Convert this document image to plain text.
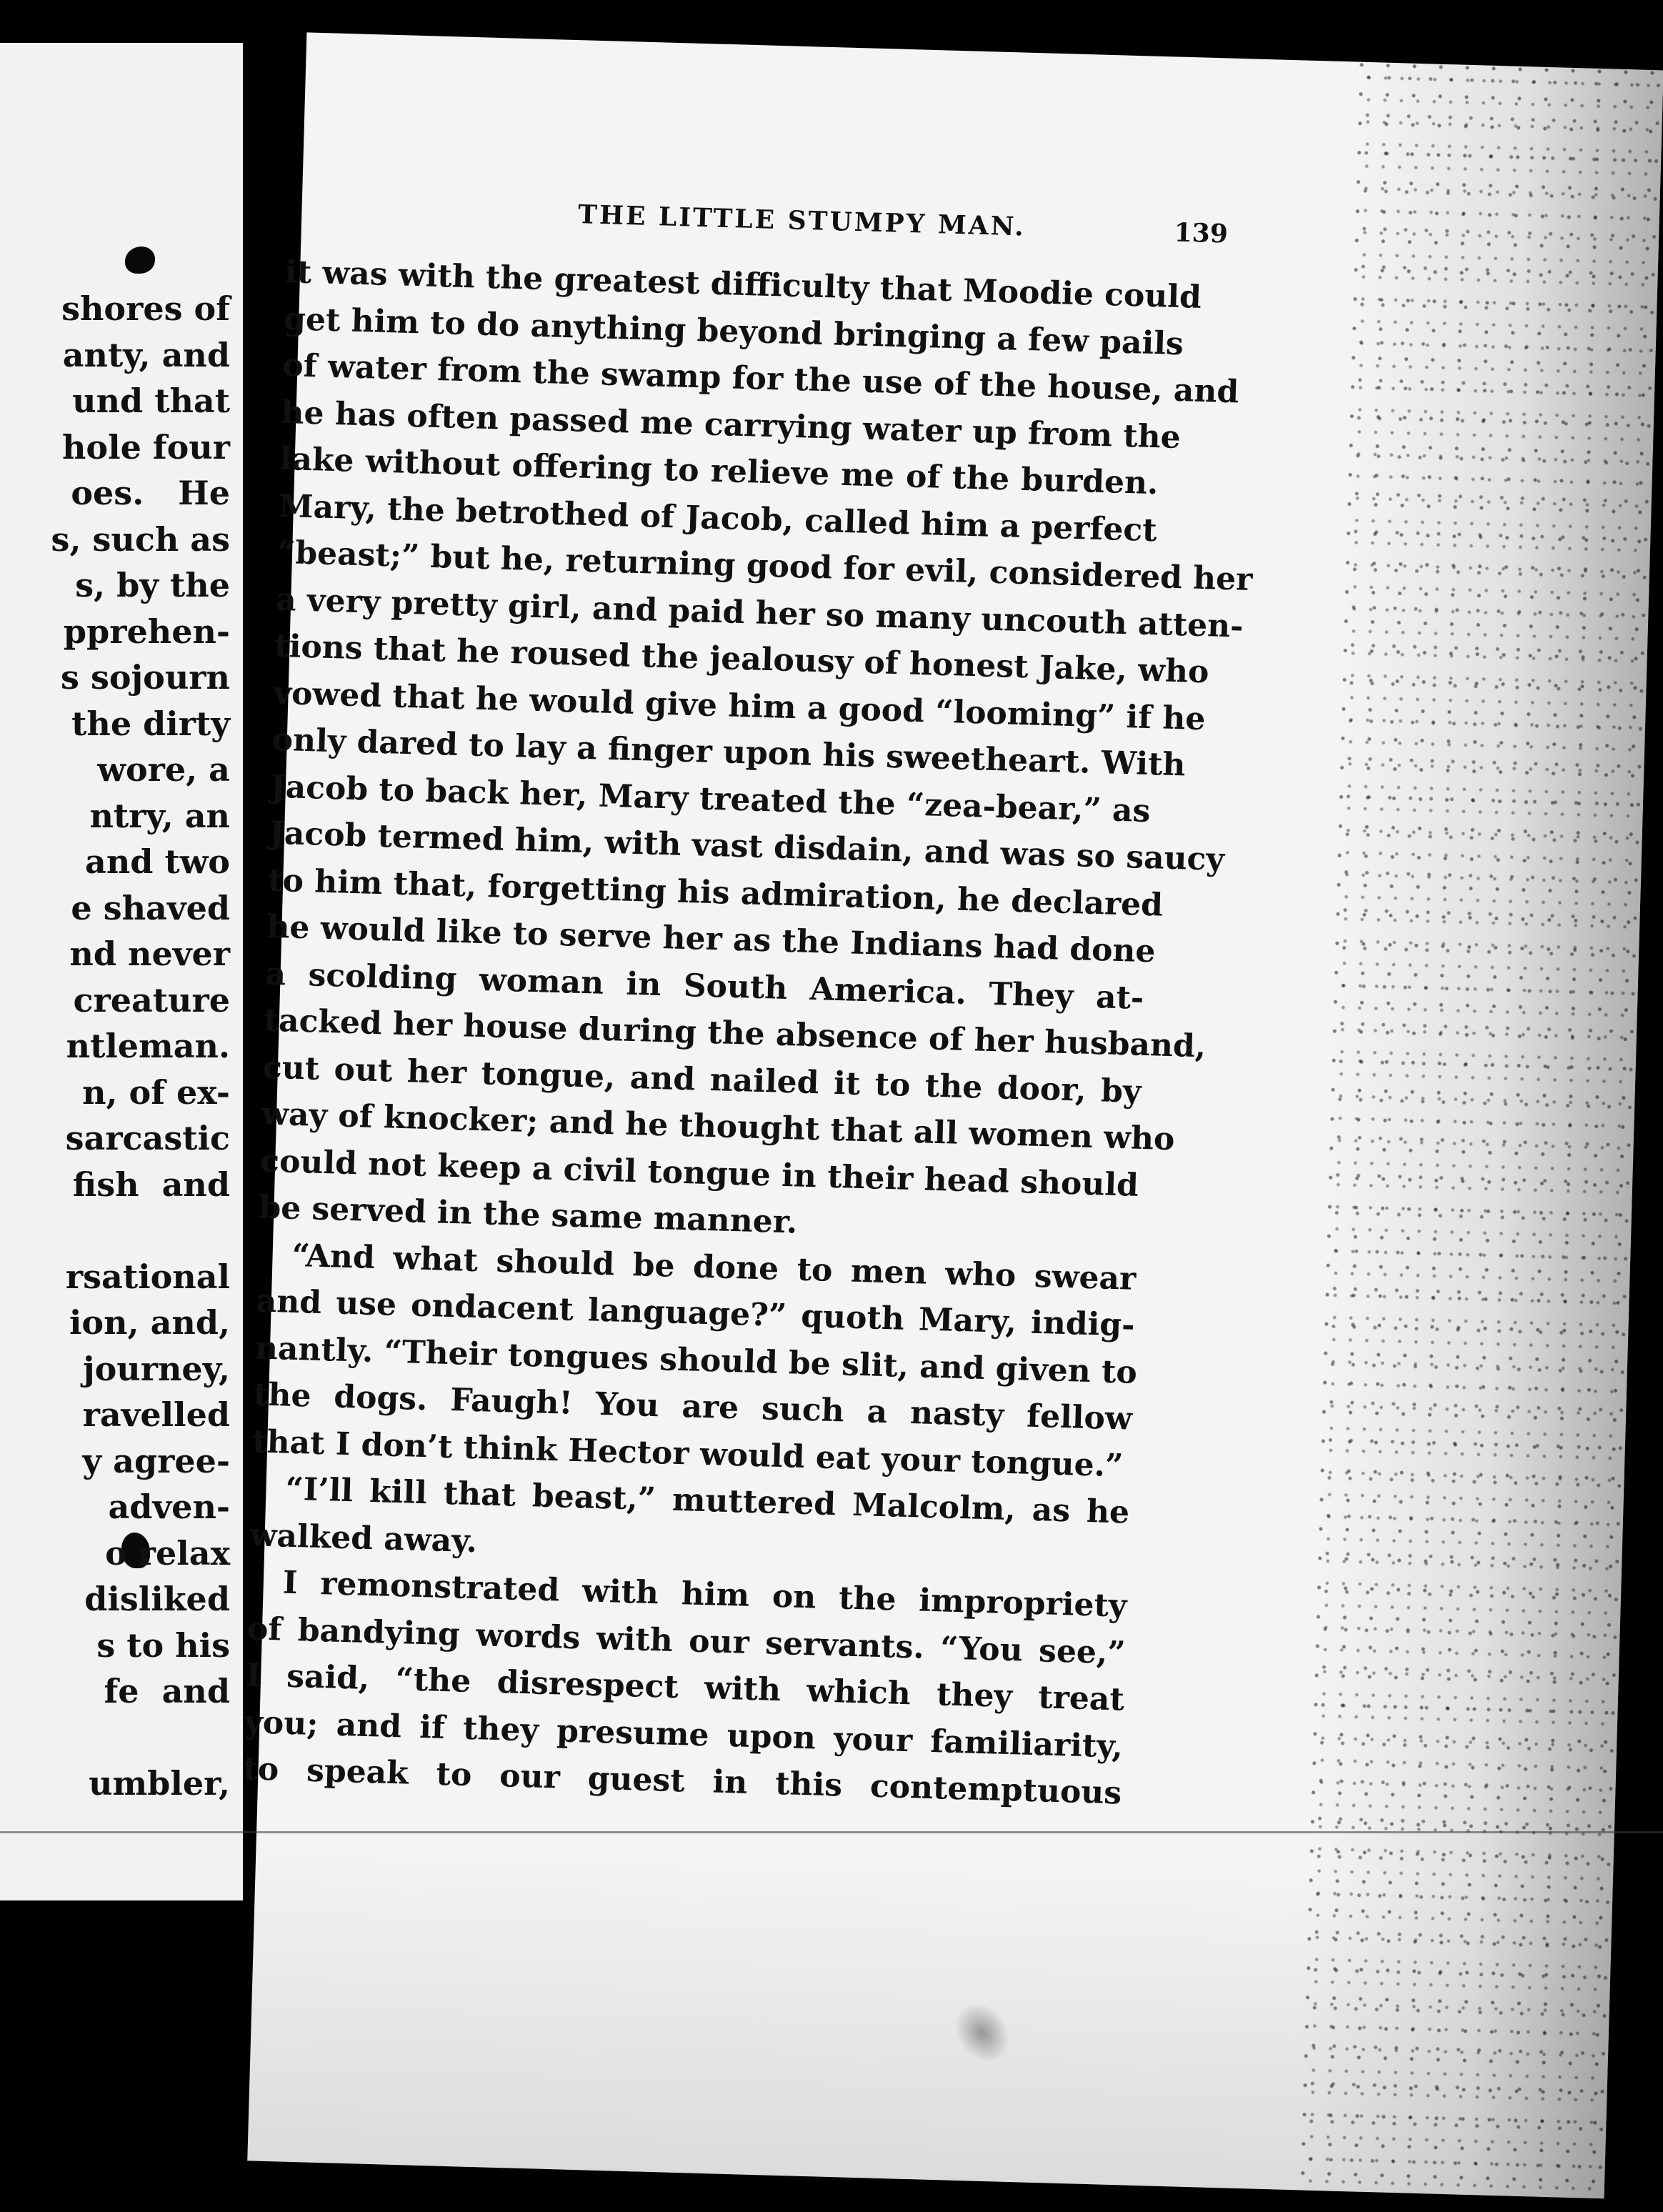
shores of
anty, and
und that
hole four
oes.   He
s, such as
s, by the
pprehen-
s sojourn
the dirty
wore, a
ntry, an
and two
e shaved
nd never
creature
ntleman.
n, of ex-
sarcastic
fish  and

rsational
ion, and,
journey,
ravelled
y agree-
adven-
o relax
disliked
s to his
fe  and

umbler,
THE LITTLE STUMPY MAN.	139
it was with the greatest difficulty that Moodie could
get him to do anything beyond bringing a few pails
of water from the swamp for the use of the house, and
he has often passed me carrying water up from the
lake without offering to relieve me of the burden.
Mary, the betrothed of Jacob, called him a perfect
“beast;” but he, returning good for evil, considered her
a very pretty girl, and paid her so many uncouth atten-
tions that he roused the jealousy of honest Jake, who
vowed that he would give him a good “looming” if he
only dared to lay a finger upon his sweetheart. With
Jacob to back her, Mary treated the “zea-bear,” as
Jacob termed him, with vast disdain, and was so saucy
to him that, forgetting his admiration, he declared
he would like to serve her as the Indians had done
a scolding woman in South America. They at-
tacked her house during the absence of her husband,
cut out her tongue, and nailed it to the door, by
way of knocker; and he thought that all women who
could not keep a civil tongue in their head should
be served in the same manner.
“And what should be done to men who swear
and use ondacent language?” quoth Mary, indig-
nantly. “Their tongues should be slit, and given to
the dogs. Faugh! You are such a nasty fellow
that I don’t think Hector would eat your tongue.”
“I’ll kill that beast,” muttered Malcolm, as he
walked away.
I remonstrated with him on the impropriety
of bandying words with our servants. “You see,”
I said, “the disrespect with which they treat
you; and if they presume upon your familiarity,
to speak to our guest in this contemptuous
